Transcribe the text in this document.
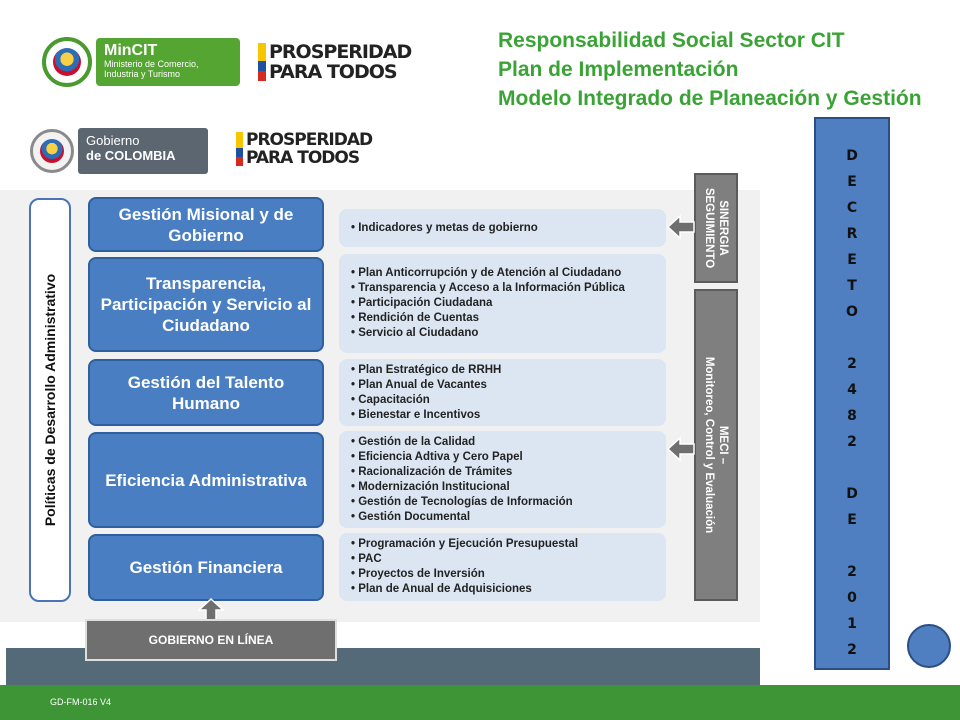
MinCIT
Ministerio de Comercio, Industria y Turismo
PROSPERIDAD
PARA TODOS
Responsabilidad Social Sector CIT
Plan de Implementación
Modelo Integrado de Planeación y Gestión
Gobierno
de COLOMBIA
PROSPERIDAD
PARA TODOS
Políticas de Desarrollo Administrativo
Gestión Misional y de Gobierno
Transparencia, Participación y Servicio al Ciudadano
Gestión del Talento Humano
Eficiencia Administrativa
Gestión Financiera
• Indicadores y metas de gobierno
• Plan Anticorrupción y de Atención al Ciudadano
• Transparencia y Acceso a la Información Pública
• Participación Ciudadana
• Rendición de Cuentas
• Servicio al Ciudadano
• Plan Estratégico de RRHH
• Plan Anual de Vacantes
• Capacitación
• Bienestar e Incentivos
• Gestión de la Calidad
• Eficiencia Adtiva y Cero Papel
• Racionalización de Trámites
• Modernización Institucional
• Gestión de Tecnologías de Información
• Gestión Documental
• Programación y Ejecución Presupuestal
• PAC
• Proyectos de Inversión
• Plan de Anual de Adquisiciones
SINERGIA
SEGUIMIENTO
MECI –
Monitoreo, Control y Evaluación
GOBIERNO EN LÍNEA
D
E
C
R
E
T
O
2
4
8
2
D
E
2
0
1
2
GD-FM-016 V4
